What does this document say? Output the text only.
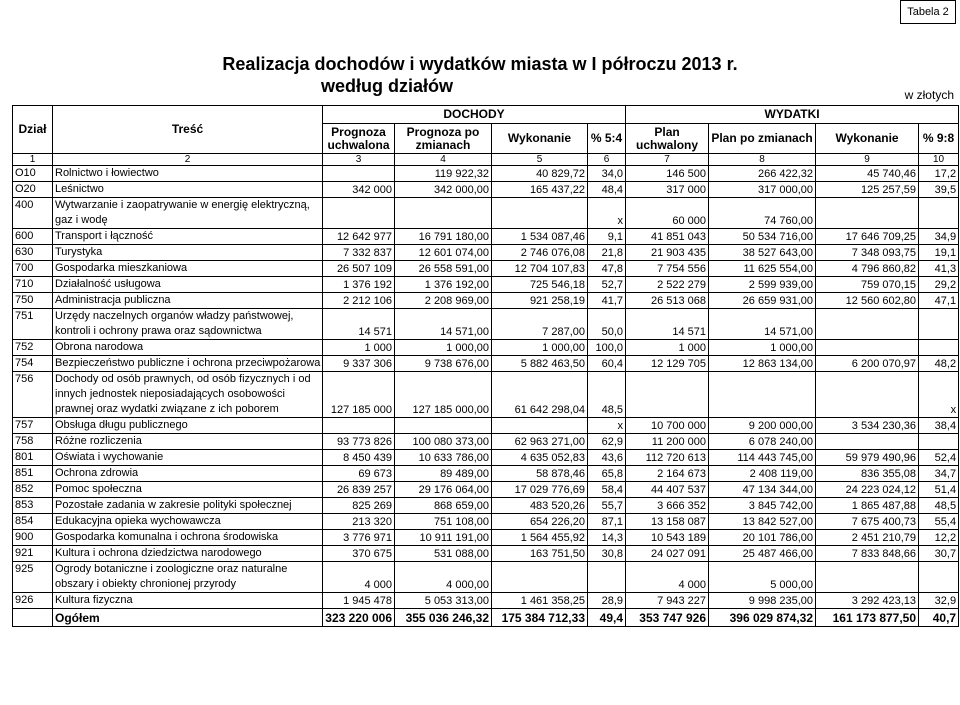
Tabela 2
Realizacja dochodów i wydatków miasta w I półroczu 2013 r.
według działów	w złotych
Dział	Treść	DOCHODY				WYDATKI			
		Prognoza uchwalona	Prognoza po zmianach	Wykonanie	% 5:4	Plan uchwalony	Plan po zmianach	Wykonanie	% 9:8
1	2	3	4	5	6	7	8	9	10
O10	Rolnictwo i łowiectwo		119 922,32	40 829,72	34,0	146 500	266 422,32	45 740,46	17,2
O20	Leśnictwo	342 000	342 000,00	165 437,22	48,4	317 000	317 000,00	125 257,59	39,5
400	Wytwarzanie i zaopatrywanie w energię elektryczną, gaz i wodę				x	60 000	74 760,00		
600	Transport i łączność	12 642 977	16 791 180,00	1 534 087,46	9,1	41 851 043	50 534 716,00	17 646 709,25	34,9
630	Turystyka	7 332 837	12 601 074,00	2 746 076,08	21,8	21 903 435	38 527 643,00	7 348 093,75	19,1
700	Gospodarka mieszkaniowa	26 507 109	26 558 591,00	12 704 107,83	47,8	7 754 556	11 625 554,00	4 796 860,82	41,3
710	Działalność usługowa	1 376 192	1 376 192,00	725 546,18	52,7	2 522 279	2 599 939,00	759 070,15	29,2
750	Administracja publiczna	2 212 106	2 208 969,00	921 258,19	41,7	26 513 068	26 659 931,00	12 560 602,80	47,1
751	Urzędy naczelnych organów władzy państwowej, kontroli i ochrony prawa oraz sądownictwa	14 571	14 571,00	7 287,00	50,0	14 571	14 571,00		
752	Obrona narodowa	1 000	1 000,00	1 000,00	100,0	1 000	1 000,00		
754	Bezpieczeństwo publiczne i ochrona przeciwpożarowa	9 337 306	9 738 676,00	5 882 463,50	60,4	12 129 705	12 863 134,00	6 200 070,97	48,2
756	Dochody od osób prawnych, od osób fizycznych i od innych jednostek nieposiadających osobowości prawnej oraz wydatki związane z ich poborem	127 185 000	127 185 000,00	61 642 298,04	48,5				x
757	Obsługa długu publicznego				x	10 700 000	9 200 000,00	3 534 230,36	38,4
758	Różne rozliczenia	93 773 826	100 080 373,00	62 963 271,00	62,9	11 200 000	6 078 240,00		
801	Oświata i wychowanie	8 450 439	10 633 786,00	4 635 052,83	43,6	112 720 613	114 443 745,00	59 979 490,96	52,4
851	Ochrona zdrowia	69 673	89 489,00	58 878,46	65,8	2 164 673	2 408 119,00	836 355,08	34,7
852	Pomoc społeczna	26 839 257	29 176 064,00	17 029 776,69	58,4	44 407 537	47 134 344,00	24 223 024,12	51,4
853	Pozostałe zadania w zakresie polityki społecznej	825 269	868 659,00	483 520,26	55,7	3 666 352	3 845 742,00	1 865 487,88	48,5
854	Edukacyjna opieka wychowawcza	213 320	751 108,00	654 226,20	87,1	13 158 087	13 842 527,00	7 675 400,73	55,4
900	Gospodarka komunalna i ochrona środowiska	3 776 971	10 911 191,00	1 564 455,92	14,3	10 543 189	20 101 786,00	2 451 210,79	12,2
921	Kultura i ochrona dziedzictwa narodowego	370 675	531 088,00	163 751,50	30,8	24 027 091	25 487 466,00	7 833 848,66	30,7
925	Ogrody botaniczne i zoologiczne oraz naturalne obszary i obiekty chronionej przyrody	4 000	4 000,00			4 000	5 000,00		
926	Kultura fizyczna	1 945 478	5 053 313,00	1 461 358,25	28,9	7 943 227	9 998 235,00	3 292 423,13	32,9
	Ogółem	323 220 006	355 036 246,32	175 384 712,33	49,4	353 747 926	396 029 874,32	161 173 877,50	40,7
